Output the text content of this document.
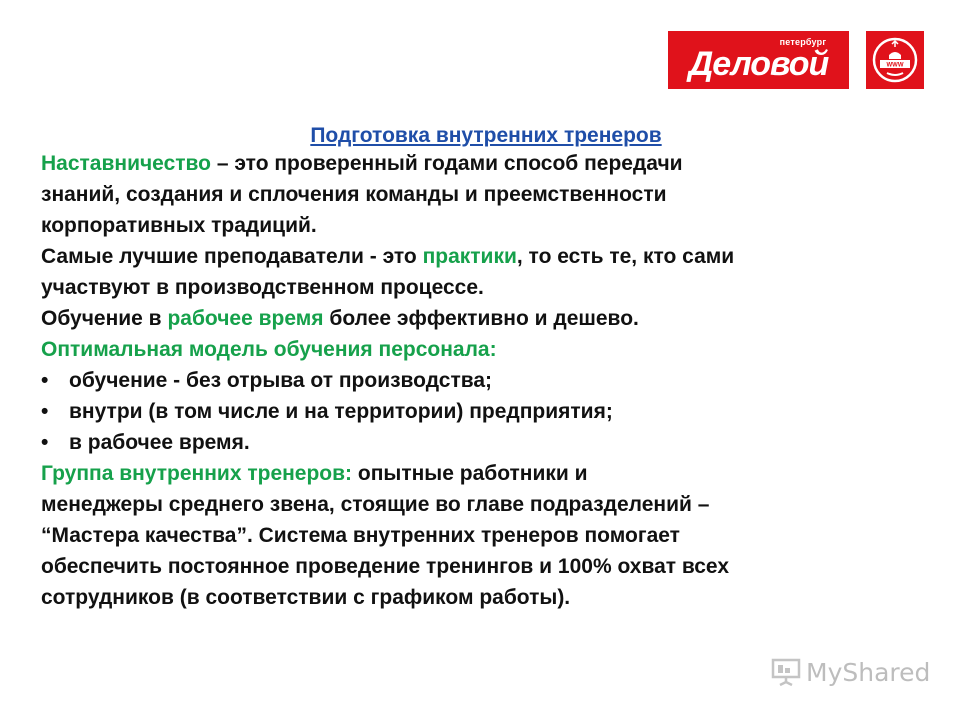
петербург
Деловой	WWW
Подготовка внутренних тренеров
Наставничество – это проверенный годами способ передачи
знаний, создания и сплочения команды и преемственности
корпоративных традиций.
Самые лучшие преподаватели - это практики, то есть те, кто сами
участвуют в производственном процессе.
Обучение в рабочее время более эффективно и дешево.
Оптимальная модель обучения персонала:
• обучение - без отрыва от производства;
• внутри (в том числе и на территории) предприятия;
• в рабочее время.
Группа внутренних тренеров: опытные работники и
менеджеры среднего звена, стоящие во главе подразделений –
“Мастера качества”. Система внутренних тренеров помогает
обеспечить постоянное проведение тренингов и 100% охват всех
сотрудников (в соответствии с графиком работы).
MyShared
